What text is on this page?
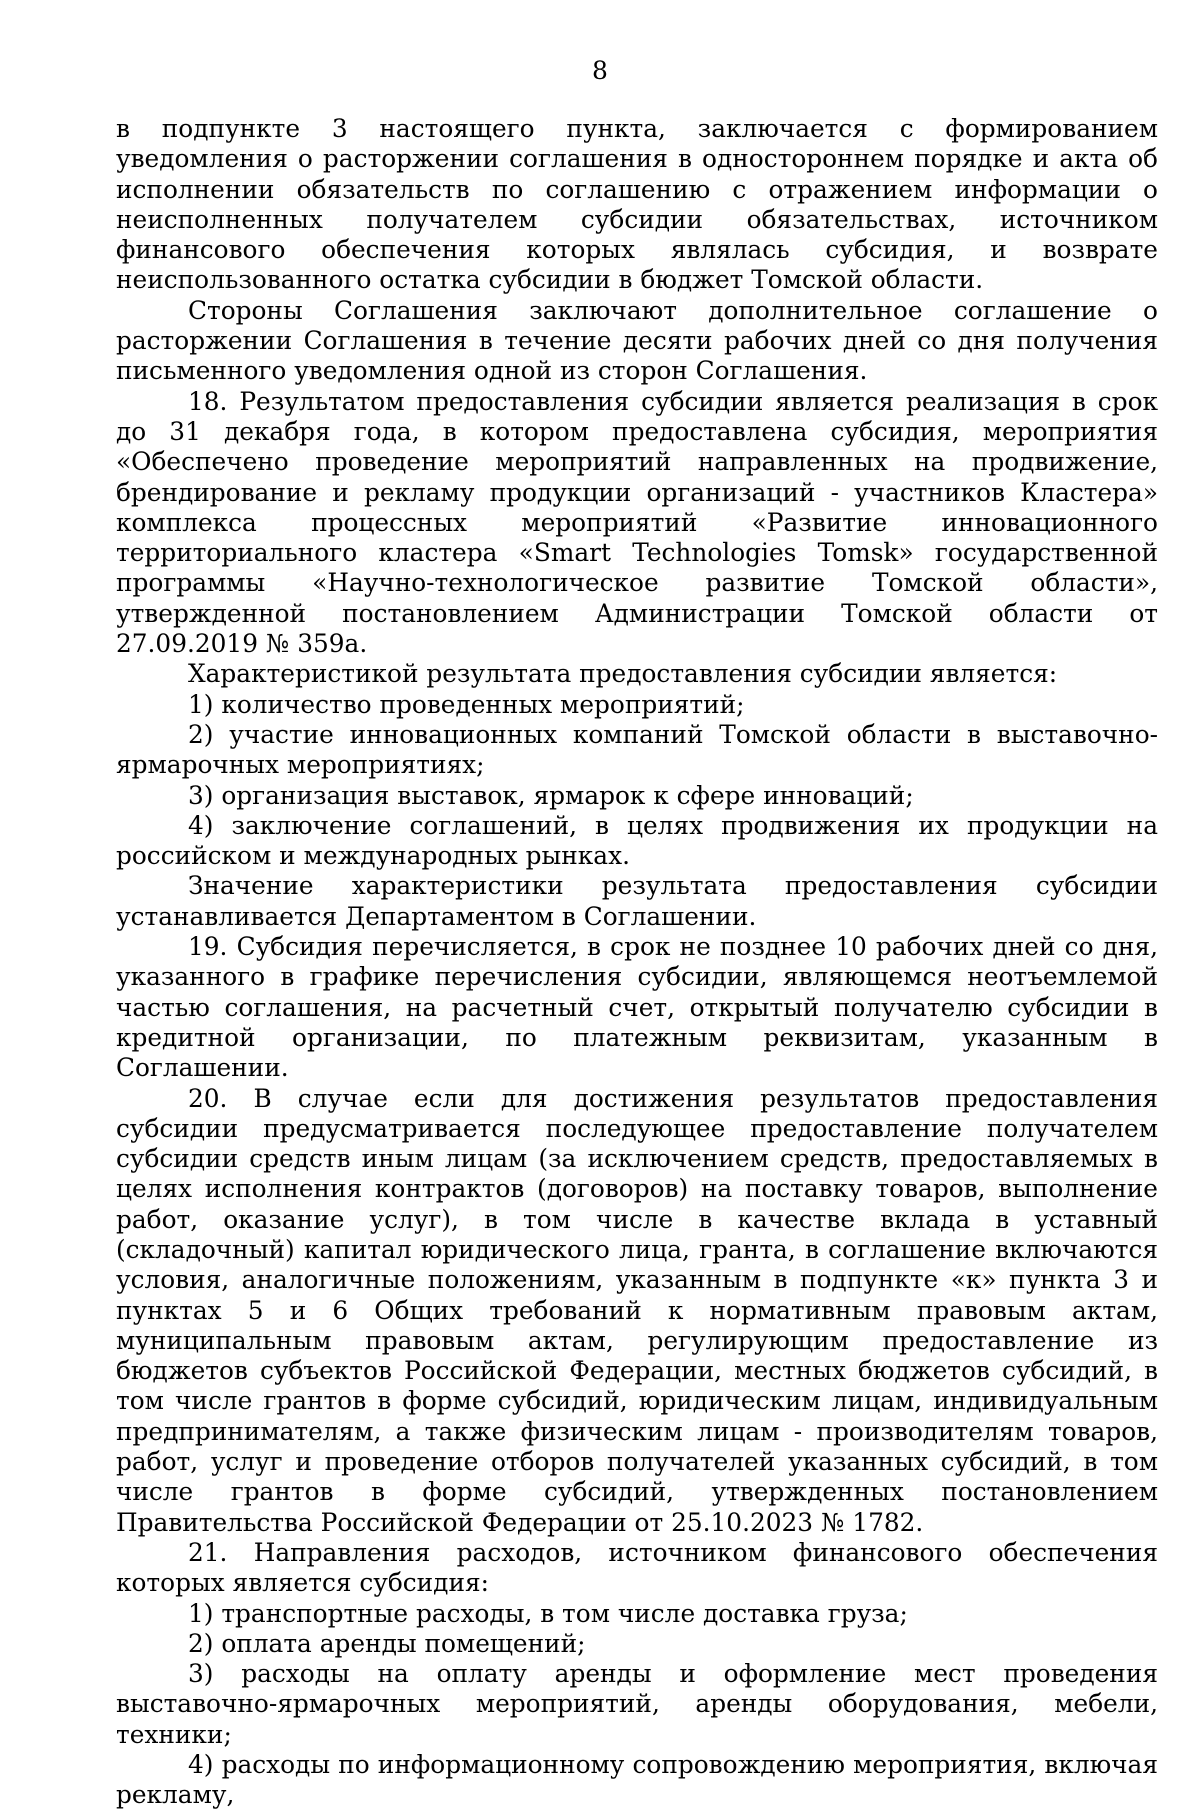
8

в подпункте 3 настоящего пункта, заключается с формированием уведомления о расторжении соглашения в одностороннем порядке и акта об исполнении обязательств по соглашению с отражением информации о неисполненных получателем субсидии обязательствах, источником финансового обеспечения которых являлась субсидия, и возврате неиспользованного остатка субсидии в бюджет Томской области.

Стороны Соглашения заключают дополнительное соглашение о расторжении Соглашения в течение десяти рабочих дней со дня получения письменного уведомления одной из сторон Соглашения.

18. Результатом предоставления субсидии является реализация в срок до 31 декабря года, в котором предоставлена субсидия, мероприятия «Обеспечено проведение мероприятий направленных на продвижение, брендирование и рекламу продукции организаций - участников Кластера» комплекса процессных мероприятий «Развитие инновационного территориального кластера «Smart Technologies Tomsk» государственной программы «Научно-технологическое развитие Томской области», утвержденной постановлением Администрации Томской области от 27.09.2019 № 359а.

Характеристикой результата предоставления субсидии является:

1) количество проведенных мероприятий;

2) участие инновационных компаний Томской области в выставочно-ярмарочных мероприятиях;

3) организация выставок, ярмарок к сфере инноваций;

4) заключение соглашений, в целях продвижения их продукции на российском и международных рынках.

Значение характеристики результата предоставления субсидии устанавливается Департаментом в Соглашении.

19. Субсидия перечисляется, в срок не позднее 10 рабочих дней со дня, указанного в графике перечисления субсидии, являющемся неотъемлемой частью соглашения, на расчетный счет, открытый получателю субсидии в кредитной организации, по платежным реквизитам, указанным в Соглашении.

20. В случае если для достижения результатов предоставления субсидии предусматривается последующее предоставление получателем субсидии средств иным лицам (за исключением средств, предоставляемых в целях исполнения контрактов (договоров) на поставку товаров, выполнение работ, оказание услуг), в том числе в качестве вклада в уставный (складочный) капитал юридического лица, гранта, в соглашение включаются условия, аналогичные положениям, указанным в подпункте «к» пункта 3 и пунктах 5 и 6 Общих требований к нормативным правовым актам, муниципальным правовым актам, регулирующим предоставление из бюджетов субъектов Российской Федерации, местных бюджетов субсидий, в том числе грантов в форме субсидий, юридическим лицам, индивидуальным предпринимателям, а также физическим лицам - производителям товаров, работ, услуг и проведение отборов получателей указанных субсидий, в том числе грантов в форме субсидий, утвержденных постановлением Правительства Российской Федерации от 25.10.2023 № 1782.

21. Направления расходов, источником финансового обеспечения которых является субсидия:

1) транспортные расходы, в том числе доставка груза;

2) оплата аренды помещений;

3) расходы на оплату аренды и оформление мест проведения выставочно-ярмарочных мероприятий, аренды оборудования, мебели, техники;

4) расходы по информационному сопровождению мероприятия, включая рекламу,
